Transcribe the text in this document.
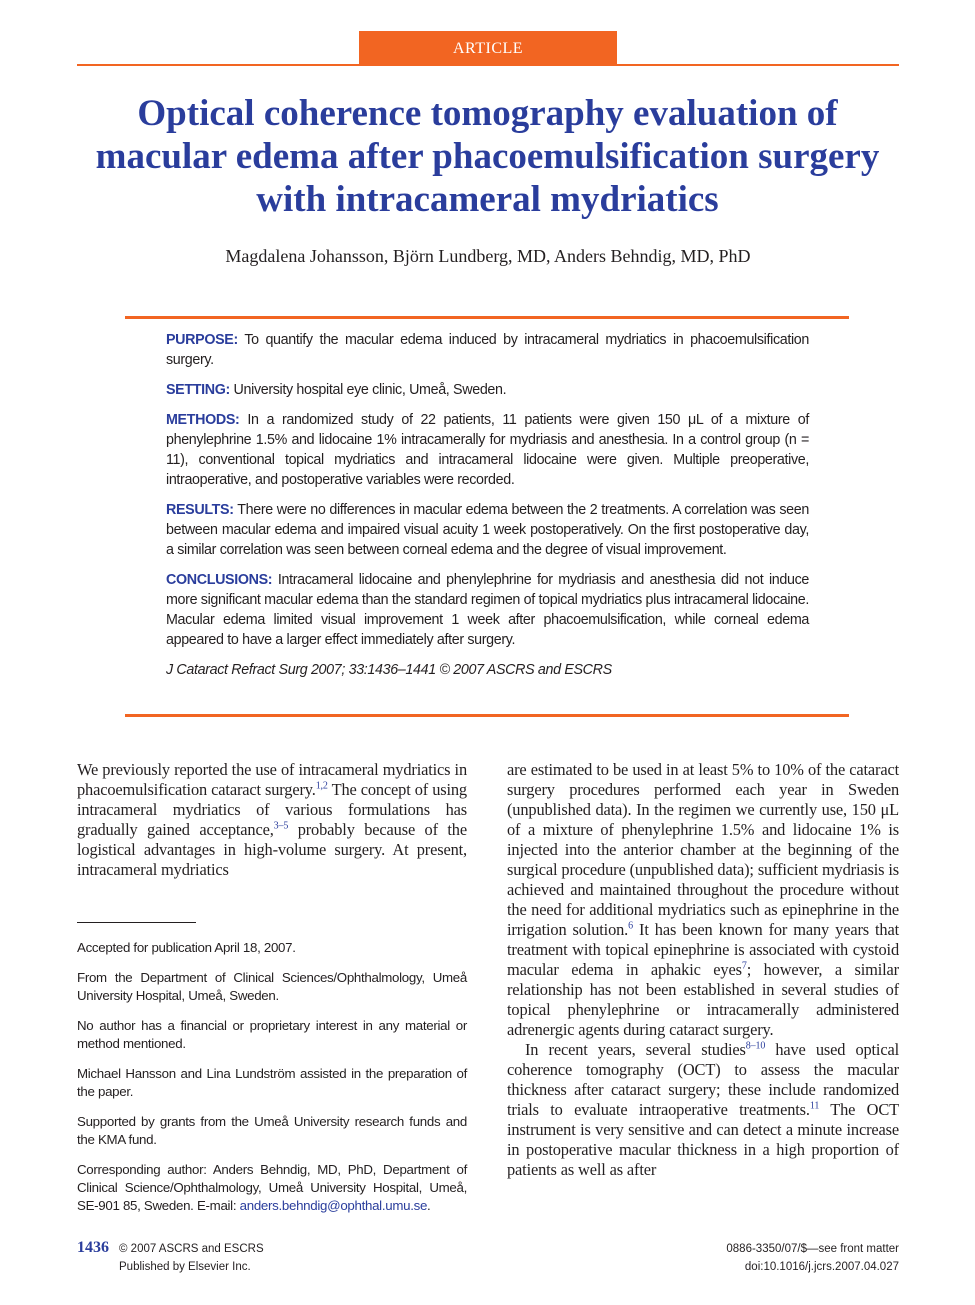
ARTICLE
Optical coherence tomography evaluation of macular edema after phacoemulsification surgery with intracameral mydriatics
Magdalena Johansson, Björn Lundberg, MD, Anders Behndig, MD, PhD

PURPOSE: To quantify the macular edema induced by intracameral mydriatics in phacoemulsification surgery.

SETTING: University hospital eye clinic, Umeå, Sweden.

METHODS: In a randomized study of 22 patients, 11 patients were given 150 μL of a mixture of phenylephrine 1.5% and lidocaine 1% intracamerally for mydriasis and anesthesia. In a control group (n = 11), conventional topical mydriatics and intracameral lidocaine were given. Multiple preoperative, intraoperative, and postoperative variables were recorded.

RESULTS: There were no differences in macular edema between the 2 treatments. A correlation was seen between macular edema and impaired visual acuity 1 week postoperatively. On the first postoperative day, a similar correlation was seen between corneal edema and the degree of visual improvement.

CONCLUSIONS: Intracameral lidocaine and phenylephrine for mydriasis and anesthesia did not induce more significant macular edema than the standard regimen of topical mydriatics plus intracameral lidocaine. Macular edema limited visual improvement 1 week after phacoemulsification, while corneal edema appeared to have a larger effect immediately after surgery.

J Cataract Refract Surg 2007; 33:1436–1441 © 2007 ASCRS and ESCRS

We previously reported the use of intracameral mydriatics in phacoemulsification cataract surgery.$^{1,2}$ The concept of using intracameral mydriatics of various formulations has gradually gained acceptance,$^{3-5}$ probably because of the logistical advantages in high-volume surgery. At present, intracameral mydriatics

Accepted for publication April 18, 2007.

From the Department of Clinical Sciences/Ophthalmology, Umeå University Hospital, Umeå, Sweden.

No author has a financial or proprietary interest in any material or method mentioned.

Michael Hansson and Lina Lundström assisted in the preparation of the paper.

Supported by grants from the Umeå University research funds and the KMA fund.

Corresponding author: Anders Behndig, MD, PhD, Department of Clinical Science/Ophthalmology, Umeå University Hospital, Umeå, SE-901 85, Sweden. E-mail: anders.behndig@ophthal.umu.se.

are estimated to be used in at least 5% to 10% of the cataract surgery procedures performed each year in Sweden (unpublished data). In the regimen we currently use, 150 μL of a mixture of phenylephrine 1.5% and lidocaine 1% is injected into the anterior chamber at the beginning of the surgical procedure (unpublished data); sufficient mydriasis is achieved and maintained throughout the procedure without the need for additional mydriatics such as epinephrine in the irrigation solution.$^6$ It has been known for many years that treatment with topical epinephrine is associated with cystoid macular edema in aphakic eyes$^7$; however, a similar relationship has not been established in several studies of topical phenylephrine or intracamerally administered adrenergic agents during cataract surgery.

In recent years, several studies$^{8-10}$ have used optical coherence tomography (OCT) to assess the macular thickness after cataract surgery; these include randomized trials to evaluate intraoperative treatments.$^{11}$ The OCT instrument is very sensitive and can detect a minute increase in postoperative macular thickness in a high proportion of patients as well as after

1436 © 2007 ASCRS and ESCRS
Published by Elsevier Inc.
0886-3350/07/$—see front matter
doi:10.1016/j.jcrs.2007.04.027
